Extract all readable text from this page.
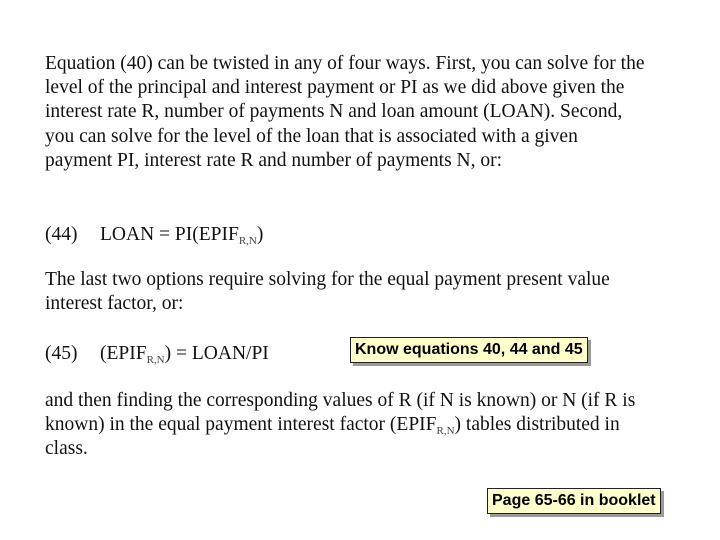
Equation (40) can be twisted in any of four ways. First, you can solve for the
level of the principal and interest payment or PI as we did above given the
interest rate R, number of payments N and loan amount (LOAN). Second,
you can solve for the level of the loan that is associated with a given
payment PI, interest rate R and number of payments N, or:
(44) LOAN = $PI(EPIF_{R,N})$
The last two options require solving for the equal payment present value
interest factor, or:
(45) $(EPIF_{R,N})$ = LOAN/PI	Know equations 40, 44 and 45
and then finding the corresponding values of R (if N is known) or N (if R is
known) in the equal payment interest factor $(EPIF_{R,N})$ tables distributed in
class.
Page 65-66 in booklet
